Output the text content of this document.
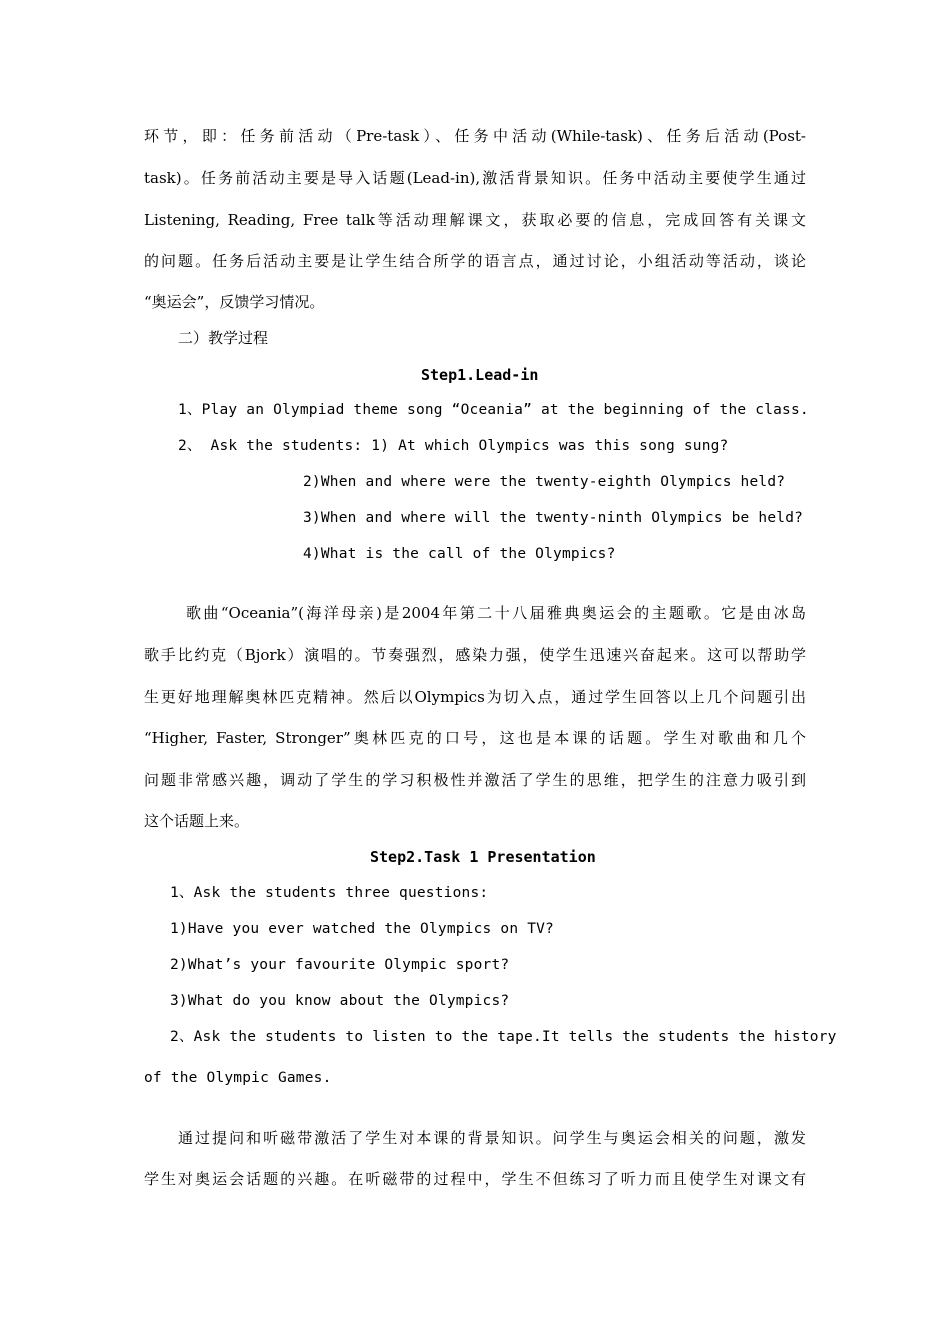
环节，即：任务前活动（Pre-task）、任务中活动(While-task)、任务后活动(Post-
task)。任务前活动主要是导入话题(Lead-in),激活背景知识。任务中活动主要使学生通过
Listening, Reading, Free talk等活动理解课文，获取必要的信息，完成回答有关课文
的问题。任务后活动主要是让学生结合所学的语言点，通过讨论，小组活动等活动，谈论
“奥运会”，反馈学习情况。
二）教学过程
Step1.Lead-in
1、Play an Olympiad theme song “Oceania” at the beginning of the class.
2、 Ask the students: 1) At which Olympics was this song sung?
2)When and where were the twenty-eighth Olympics held?
3)When and where will the twenty-ninth Olympics be held?
4)What is the call of the Olympics?
歌曲“Oceania”(海洋母亲)是2004年第二十八届雅典奥运会的主题歌。它是由冰岛
歌手比约克（Bjork）演唱的。节奏强烈，感染力强，使学生迅速兴奋起来。这可以帮助学
生更好地理解奥林匹克精神。然后以Olympics为切入点，通过学生回答以上几个问题引出
“Higher, Faster, Stronger”奥林匹克的口号，这也是本课的话题。学生对歌曲和几个
问题非常感兴趣，调动了学生的学习积极性并激活了学生的思维，把学生的注意力吸引到
这个话题上来。
Step2.Task 1 Presentation
1、Ask the students three questions:
1)Have you ever watched the Olympics on TV?
2)What’s your favourite Olympic sport?
3)What do you know about the Olympics?
2、Ask the students to listen to the tape.It tells the students the history
of the Olympic Games.
通过提问和听磁带激活了学生对本课的背景知识。问学生与奥运会相关的问题，激发
学生对奥运会话题的兴趣。在听磁带的过程中，学生不但练习了听力而且使学生对课文有
